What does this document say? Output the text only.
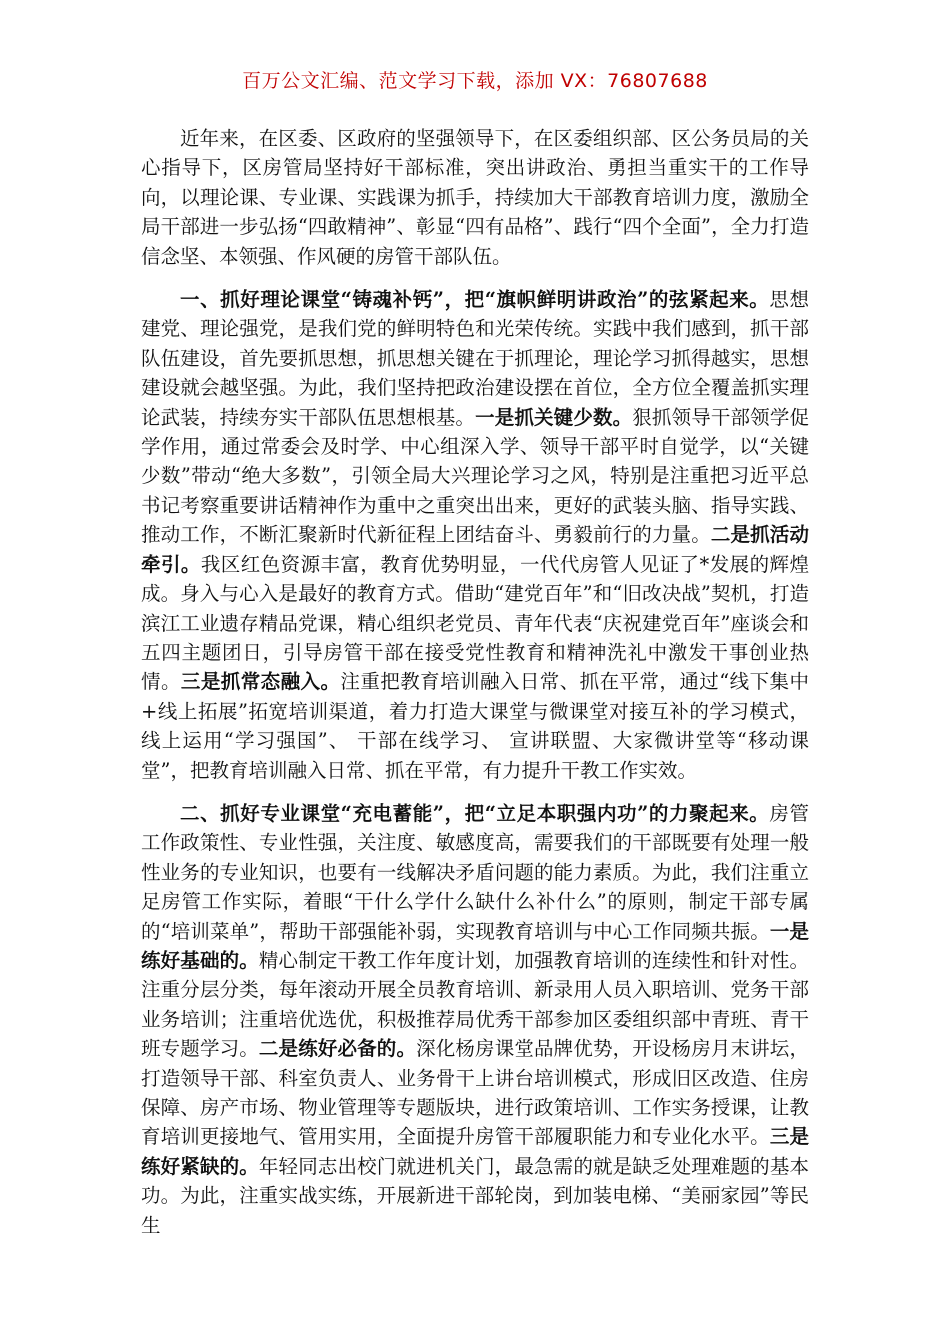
百万公文汇编、范文学习下载，添加 VX：76807688

近年来，在区委、区政府的坚强领导下，在区委组织部、区公务员局的关心指导下，区房管局坚持好干部标准，突出讲政治、勇担当重实干的工作导向，以理论课、专业课、实践课为抓手，持续加大干部教育培训力度，激励全局干部进一步弘扬“四敢精神”、彰显“四有品格”、践行“四个全面”，全力打造信念坚、本领强、作风硬的房管干部队伍。

一、抓好理论课堂“铸魂补钙”，把“旗帜鲜明讲政治”的弦紧起来。思想建党、理论强党，是我们党的鲜明特色和光荣传统。实践中我们感到，抓干部队伍建设，首先要抓思想，抓思想关键在于抓理论，理论学习抓得越实，思想建设就会越坚强。为此，我们坚持把政治建设摆在首位，全方位全覆盖抓实理论武装，持续夯实干部队伍思想根基。一是抓关键少数。狠抓领导干部领学促学作用，通过常委会及时学、中心组深入学、领导干部平时自觉学，以“关键少数”带动“绝大多数”，引领全局大兴理论学习之风，特别是注重把习近平总书记考察重要讲话精神作为重中之重突出出来，更好的武装头脑、指导实践、推动工作，不断汇聚新时代新征程上团结奋斗、勇毅前行的力量。二是抓活动牵引。我区红色资源丰富，教育优势明显，一代代房管人见证了*发展的辉煌成。身入与心入是最好的教育方式。借助“建党百年”和“旧改决战”契机，打造滨江工业遗存精品党课，精心组织老党员、青年代表“庆祝建党百年”座谈会和五四主题团日，引导房管干部在接受党性教育和精神洗礼中激发干事创业热情。三是抓常态融入。注重把教育培训融入日常、抓在平常，通过“线下集中+线上拓展”拓宽培训渠道，着力打造大课堂与微课堂对接互补的学习模式，线上运用“学习强国”、 干部在线学习、 宣讲联盟、大家微讲堂等“移动课堂”，把教育培训融入日常、抓在平常，有力提升干教工作实效。

二、抓好专业课堂“充电蓄能”，把“立足本职强内功”的力聚起来。房管工作政策性、专业性强，关注度、敏感度高，需要我们的干部既要有处理一般性业务的专业知识，也要有一线解决矛盾问题的能力素质。为此，我们注重立足房管工作实际，着眼“干什么学什么缺什么补什么”的原则，制定干部专属的“培训菜单”，帮助干部强能补弱，实现教育培训与中心工作同频共振。一是练好基础的。精心制定干教工作年度计划，加强教育培训的连续性和针对性。注重分层分类，每年滚动开展全员教育培训、新录用人员入职培训、党务干部业务培训；注重培优选优，积极推荐局优秀干部参加区委组织部中青班、青干班专题学习。二是练好必备的。深化杨房课堂品牌优势，开设杨房月末讲坛，打造领导干部、科室负责人、业务骨干上讲台培训模式，形成旧区改造、住房保障、房产市场、物业管理等专题版块，进行政策培训、工作实务授课，让教育培训更接地气、管用实用，全面提升房管干部履职能力和专业化水平。三是练好紧缺的。年轻同志出校门就进机关门，最急需的就是缺乏处理难题的基本功。为此，注重实战实练，开展新进干部轮岗，到加装电梯、“美丽家园”等民生
